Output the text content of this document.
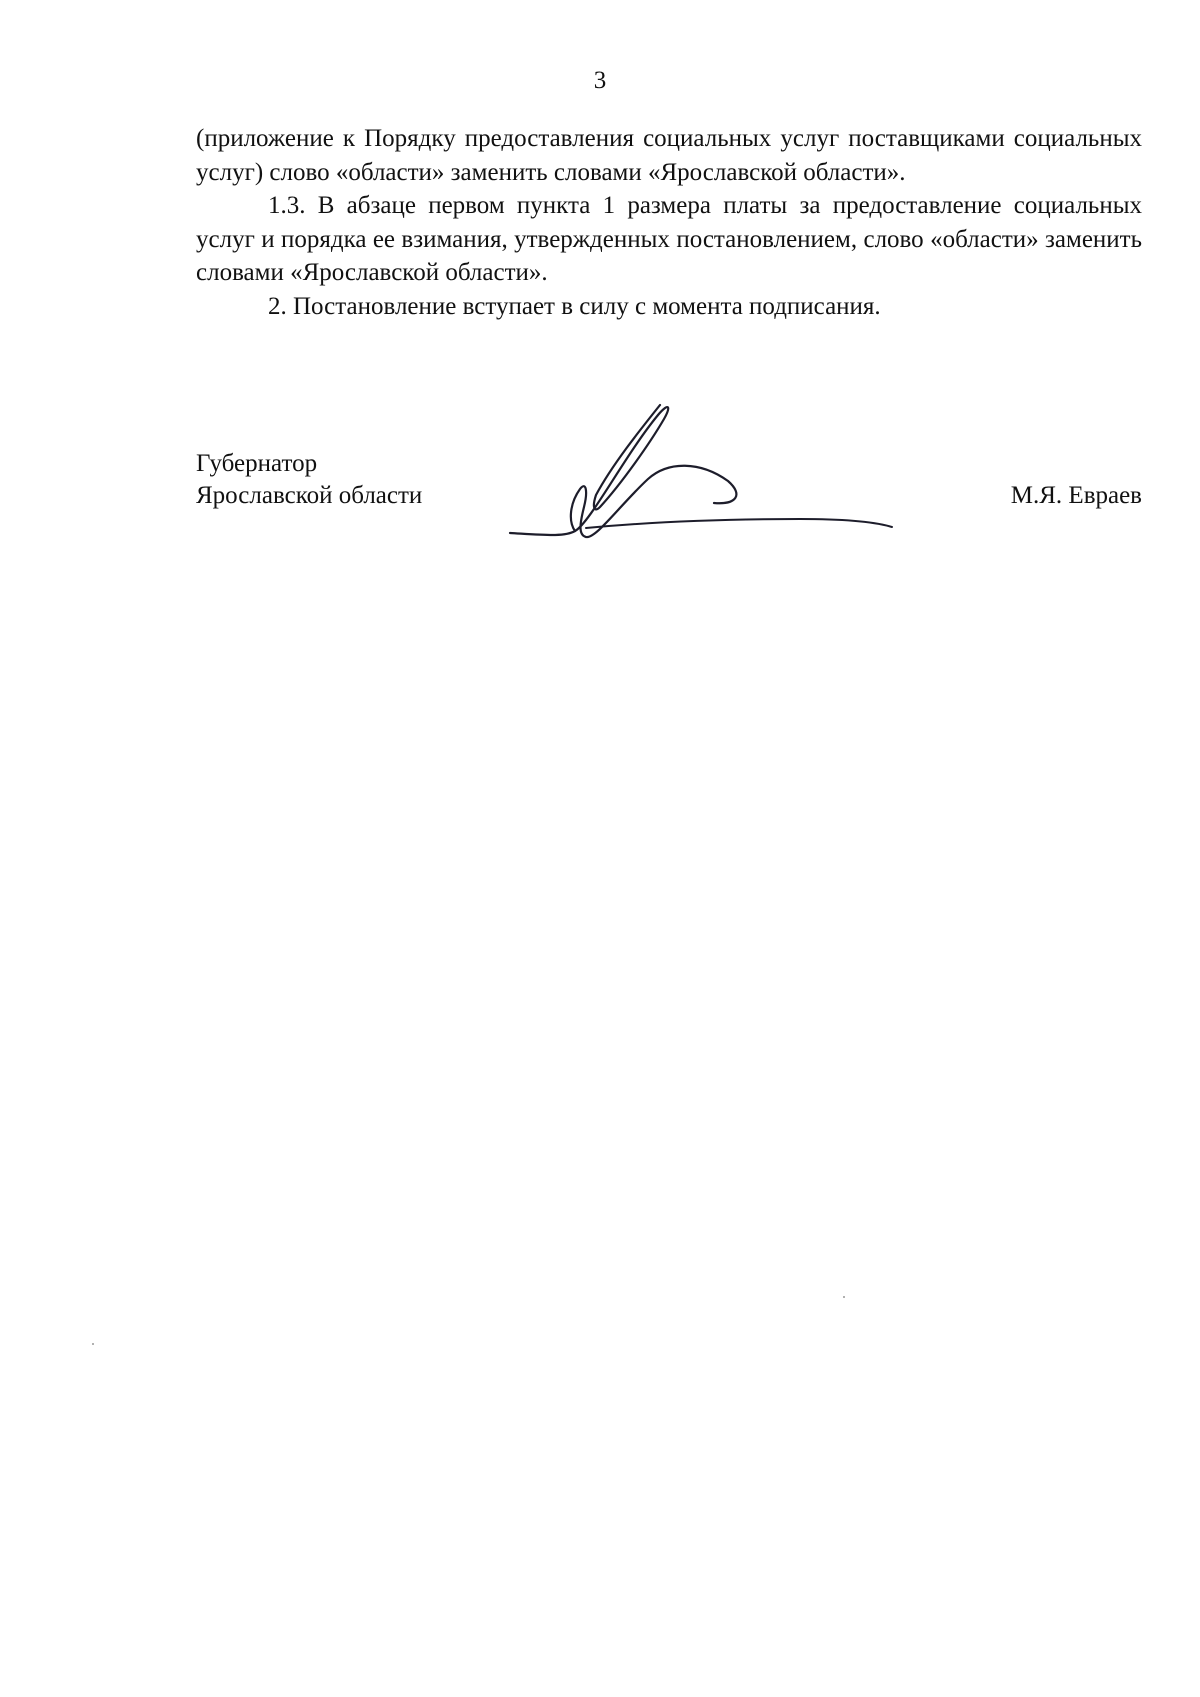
3

(приложение к Порядку предоставления социальных услуг поставщиками социальных услуг) слово «области» заменить словами «Ярославской области».

1.3. В абзаце первом пункта 1 размера платы за предоставление социальных услуг и порядка ее взимания, утвержденных постановлением, слово «области» заменить словами «Ярославской области».

2. Постановление вступает в силу с момента подписания.

Губернатор
Ярославской области	М.Я. Евраев
